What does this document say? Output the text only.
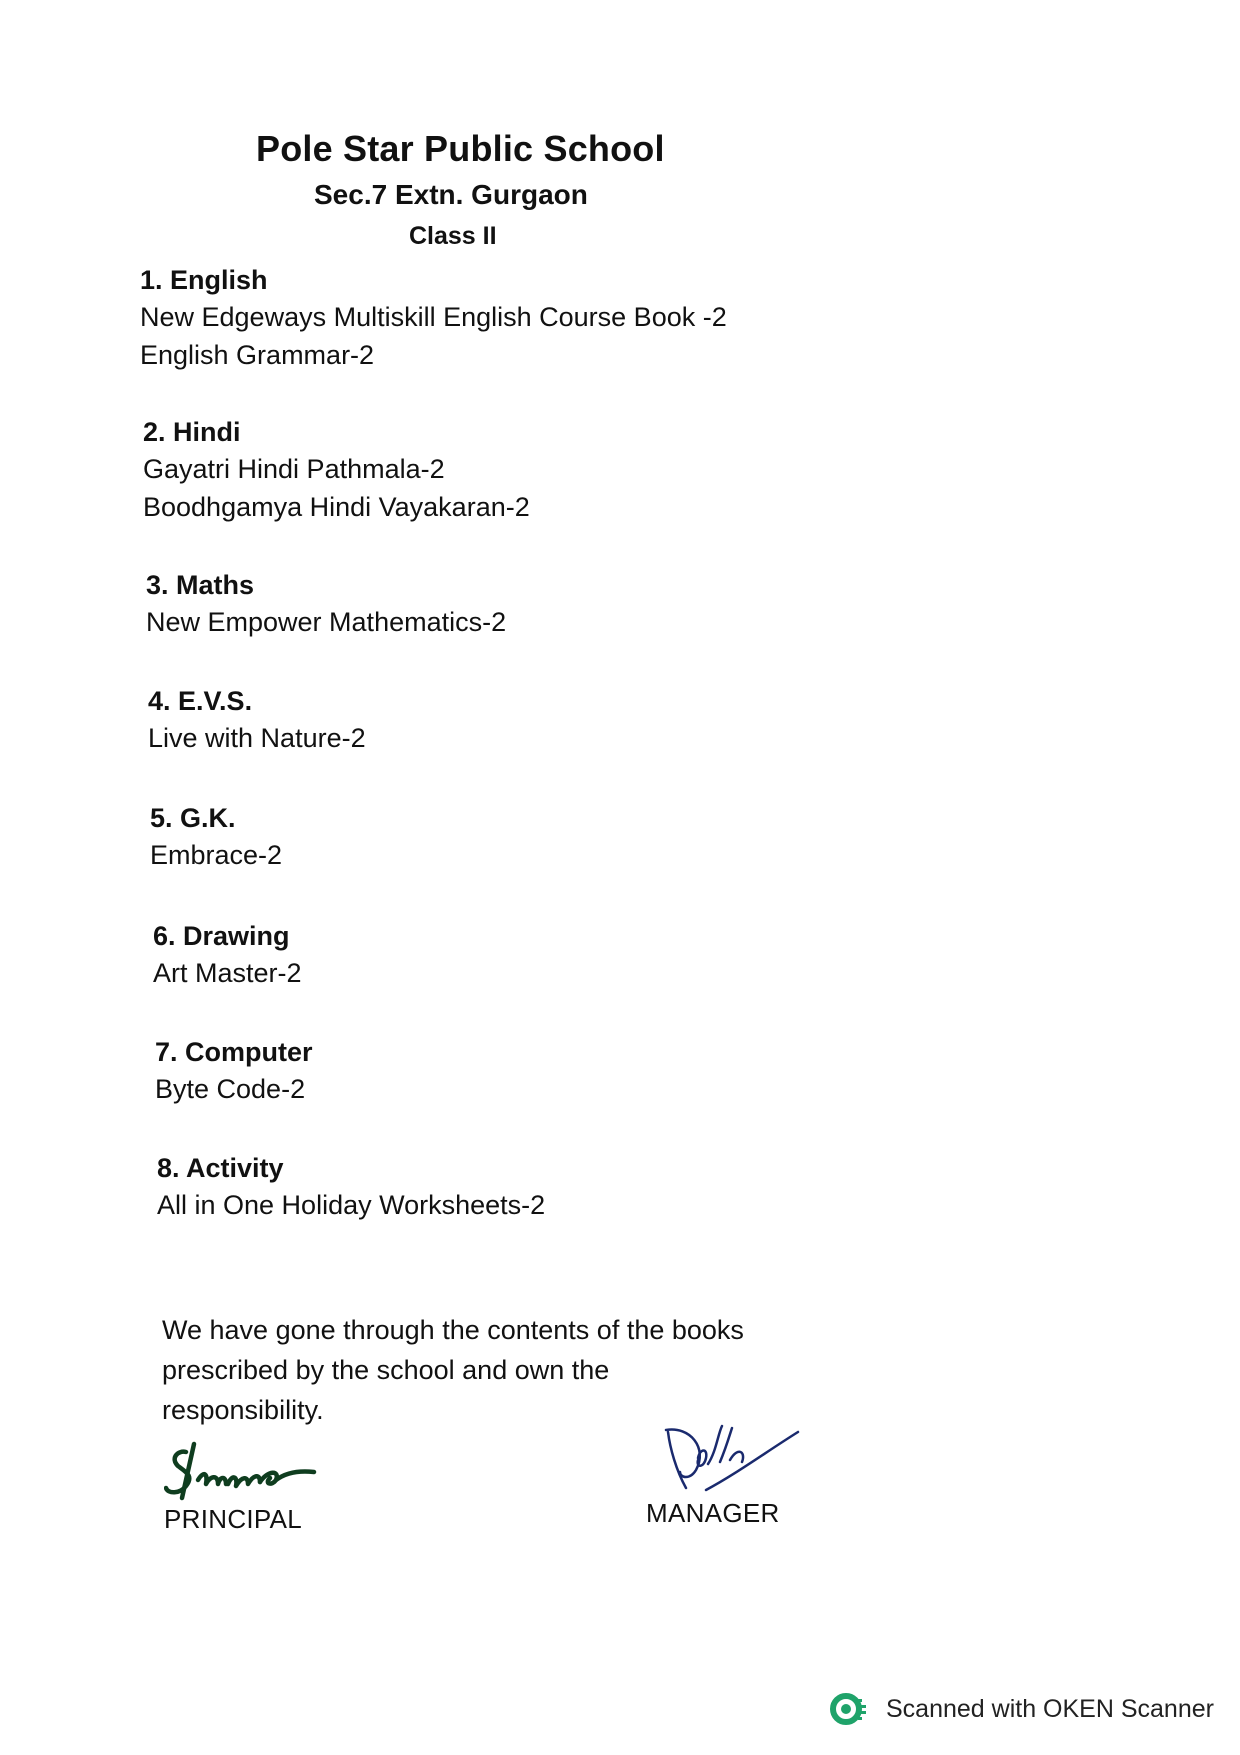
Pole Star Public School
Sec.7 Extn. Gurgaon
Class II
1. English
New Edgeways Multiskill English Course Book -2
English Grammar-2
2. Hindi
Gayatri Hindi Pathmala-2
Boodhgamya Hindi Vayakaran-2
3. Maths
New Empower Mathematics-2
4. E.V.S.
Live with Nature-2
5. G.K.
Embrace-2
6. Drawing
Art Master-2
7. Computer
Byte Code-2
8. Activity
All in One Holiday Worksheets-2
We have gone through the contents of the books
prescribed by the school and own the
responsibility.
PRINCIPAL	MANAGER
Scanned with OKEN Scanner
